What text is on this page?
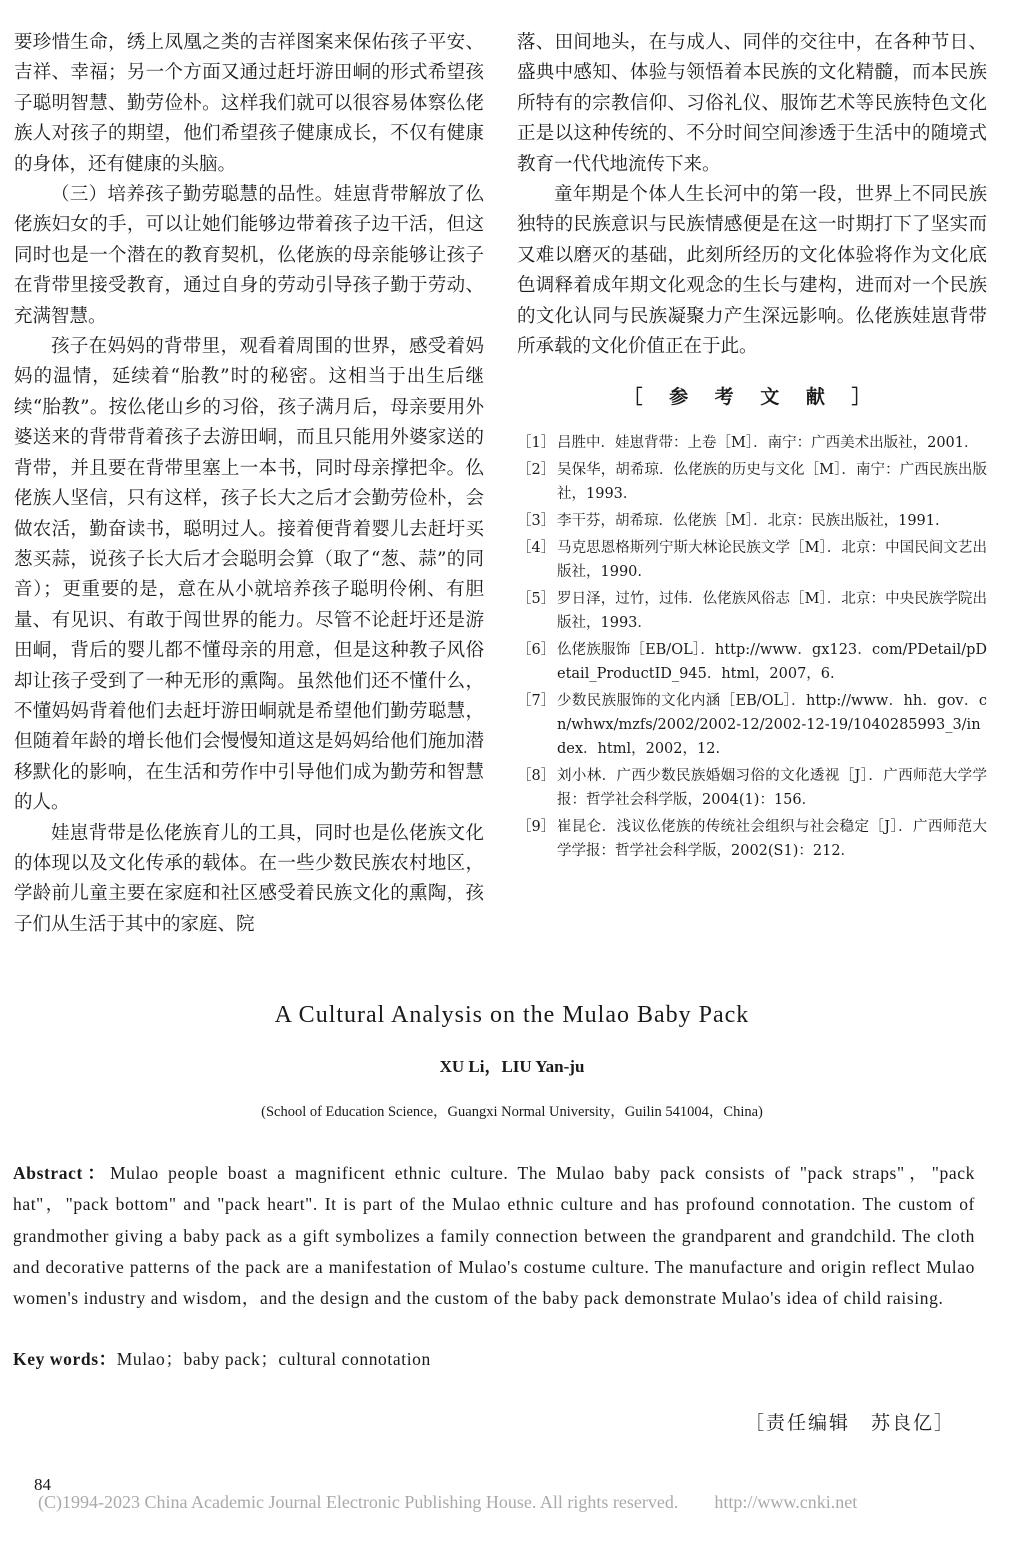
要珍惜生命，绣上凤凰之类的吉祥图案来保佑孩子平安、吉祥、幸福；另一个方面又通过赶圩游田峒的形式希望孩子聪明智慧、勤劳俭朴。这样我们就可以很容易体察仫佬族人对孩子的期望，他们希望孩子健康成长，不仅有健康的身体，还有健康的头脑。

（三）培养孩子勤劳聪慧的品性。娃崽背带解放了仫佬族妇女的手，可以让她们能够边带着孩子边干活，但这同时也是一个潜在的教育契机，仫佬族的母亲能够让孩子在背带里接受教育，通过自身的劳动引导孩子勤于劳动、充满智慧。

孩子在妈妈的背带里，观看着周围的世界，感受着妈妈的温情，延续着“胎教”时的秘密。这相当于出生后继续“胎教”。按仫佬山乡的习俗，孩子满月后，母亲要用外婆送来的背带背着孩子去游田峒，而且只能用外婆家送的背带，并且要在背带里塞上一本书，同时母亲撑把伞。仫佬族人坚信，只有这样，孩子长大之后才会勤劳俭朴，会做农活，勤奋读书，聪明过人。接着便背着婴儿去赶圩买葱买蒜，说孩子长大后才会聪明会算（取了“葱、蒜”的同音）；更重要的是，意在从小就培养孩子聪明伶俐、有胆量、有见识、有敢于闯世界的能力。尽管不论赶圩还是游田峒，背后的婴儿都不懂母亲的用意，但是这种教子风俗却让孩子受到了一种无形的熏陶。虽然他们还不懂什么，不懂妈妈背着他们去赶圩游田峒就是希望他们勤劳聪慧，但随着年龄的增长他们会慢慢知道这是妈妈给他们施加潜移默化的影响，在生活和劳作中引导他们成为勤劳和智慧的人。

娃崽背带是仫佬族育儿的工具，同时也是仫佬族文化的体现以及文化传承的载体。在一些少数民族农村地区，学龄前儿童主要在家庭和社区感受着民族文化的熏陶，孩子们从生活于其中的家庭、院

落、田间地头，在与成人、同伴的交往中，在各种节日、盛典中感知、体验与领悟着本民族的文化精髓，而本民族所特有的宗教信仰、习俗礼仪、服饰艺术等民族特色文化正是以这种传统的、不分时间空间渗透于生活中的随境式教育一代代地流传下来。

童年期是个体人生长河中的第一段，世界上不同民族独特的民族意识与民族情感便是在这一时期打下了坚实而又难以磨灭的基础，此刻所经历的文化体验将作为文化底色调释着成年期文化观念的生长与建构，进而对一个民族的文化认同与民族凝聚力产生深远影响。仫佬族娃崽背带所承载的文化价值正在于此。

［ 参 考 文 献 ］
［1］ 吕胜中．娃崽背带：上卷［M］．南宁：广西美术出版社，2001．
［2］ 吴保华，胡希琼．仫佬族的历史与文化［M］．南宁：广西民族出版社，1993．
［3］ 李干芬，胡希琼．仫佬族［M］．北京：民族出版社，1991.
［4］ 马克思恩格斯列宁斯大林论民族文学［M］．北京：中国民间文艺出版社，1990.
［5］ 罗日泽，过竹，过伟．仫佬族风俗志［M］．北京：中央民族学院出版社，1993．
［6］ 仫佬族服饰［EB/OL］．http://www．gx123．com/PDetail/pDetail_ProductID_945．html，2007，6.
［7］ 少数民族服饰的文化内涵［EB/OL］．http://www．hh．gov．cn/whwx/mzfs/2002/2002-12/2002-12-19/1040285993_3/index．html，2002，12.
［8］ 刘小林．广西少数民族婚姻习俗的文化透视［J］．广西师范大学学报：哲学社会科学版，2004(1)：156．
［9］ 崔昆仑．浅议仫佬族的传统社会组织与社会稳定［J］．广西师范大学学报：哲学社会科学版，2002(S1)：212．
A Cultural Analysis on the Mulao Baby Pack
XU Li，LIU Yan-ju
(School of Education Science，Guangxi Normal University，Guilin 541004，China)
Abstract：Mulao people boast a magnificent ethnic culture. The Mulao baby pack consists of "pack straps"，"pack hat"，"pack bottom" and "pack heart". It is part of the Mulao ethnic culture and has profound connotation. The custom of grandmother giving a baby pack as a gift symbolizes a family connection between the grandparent and grandchild. The cloth and decorative patterns of the pack are a manifestation of Mulao's costume culture. The manufacture and origin reflect Mulao women's industry and wisdom，and the design and the custom of the baby pack demonstrate Mulao's idea of child raising.
Key words：Mulao；baby pack；cultural connotation
［责任编辑　苏良亿］
84
(C)1994-2023 China Academic Journal Electronic Publishing House. All rights reserved.　　http://www.cnki.net
